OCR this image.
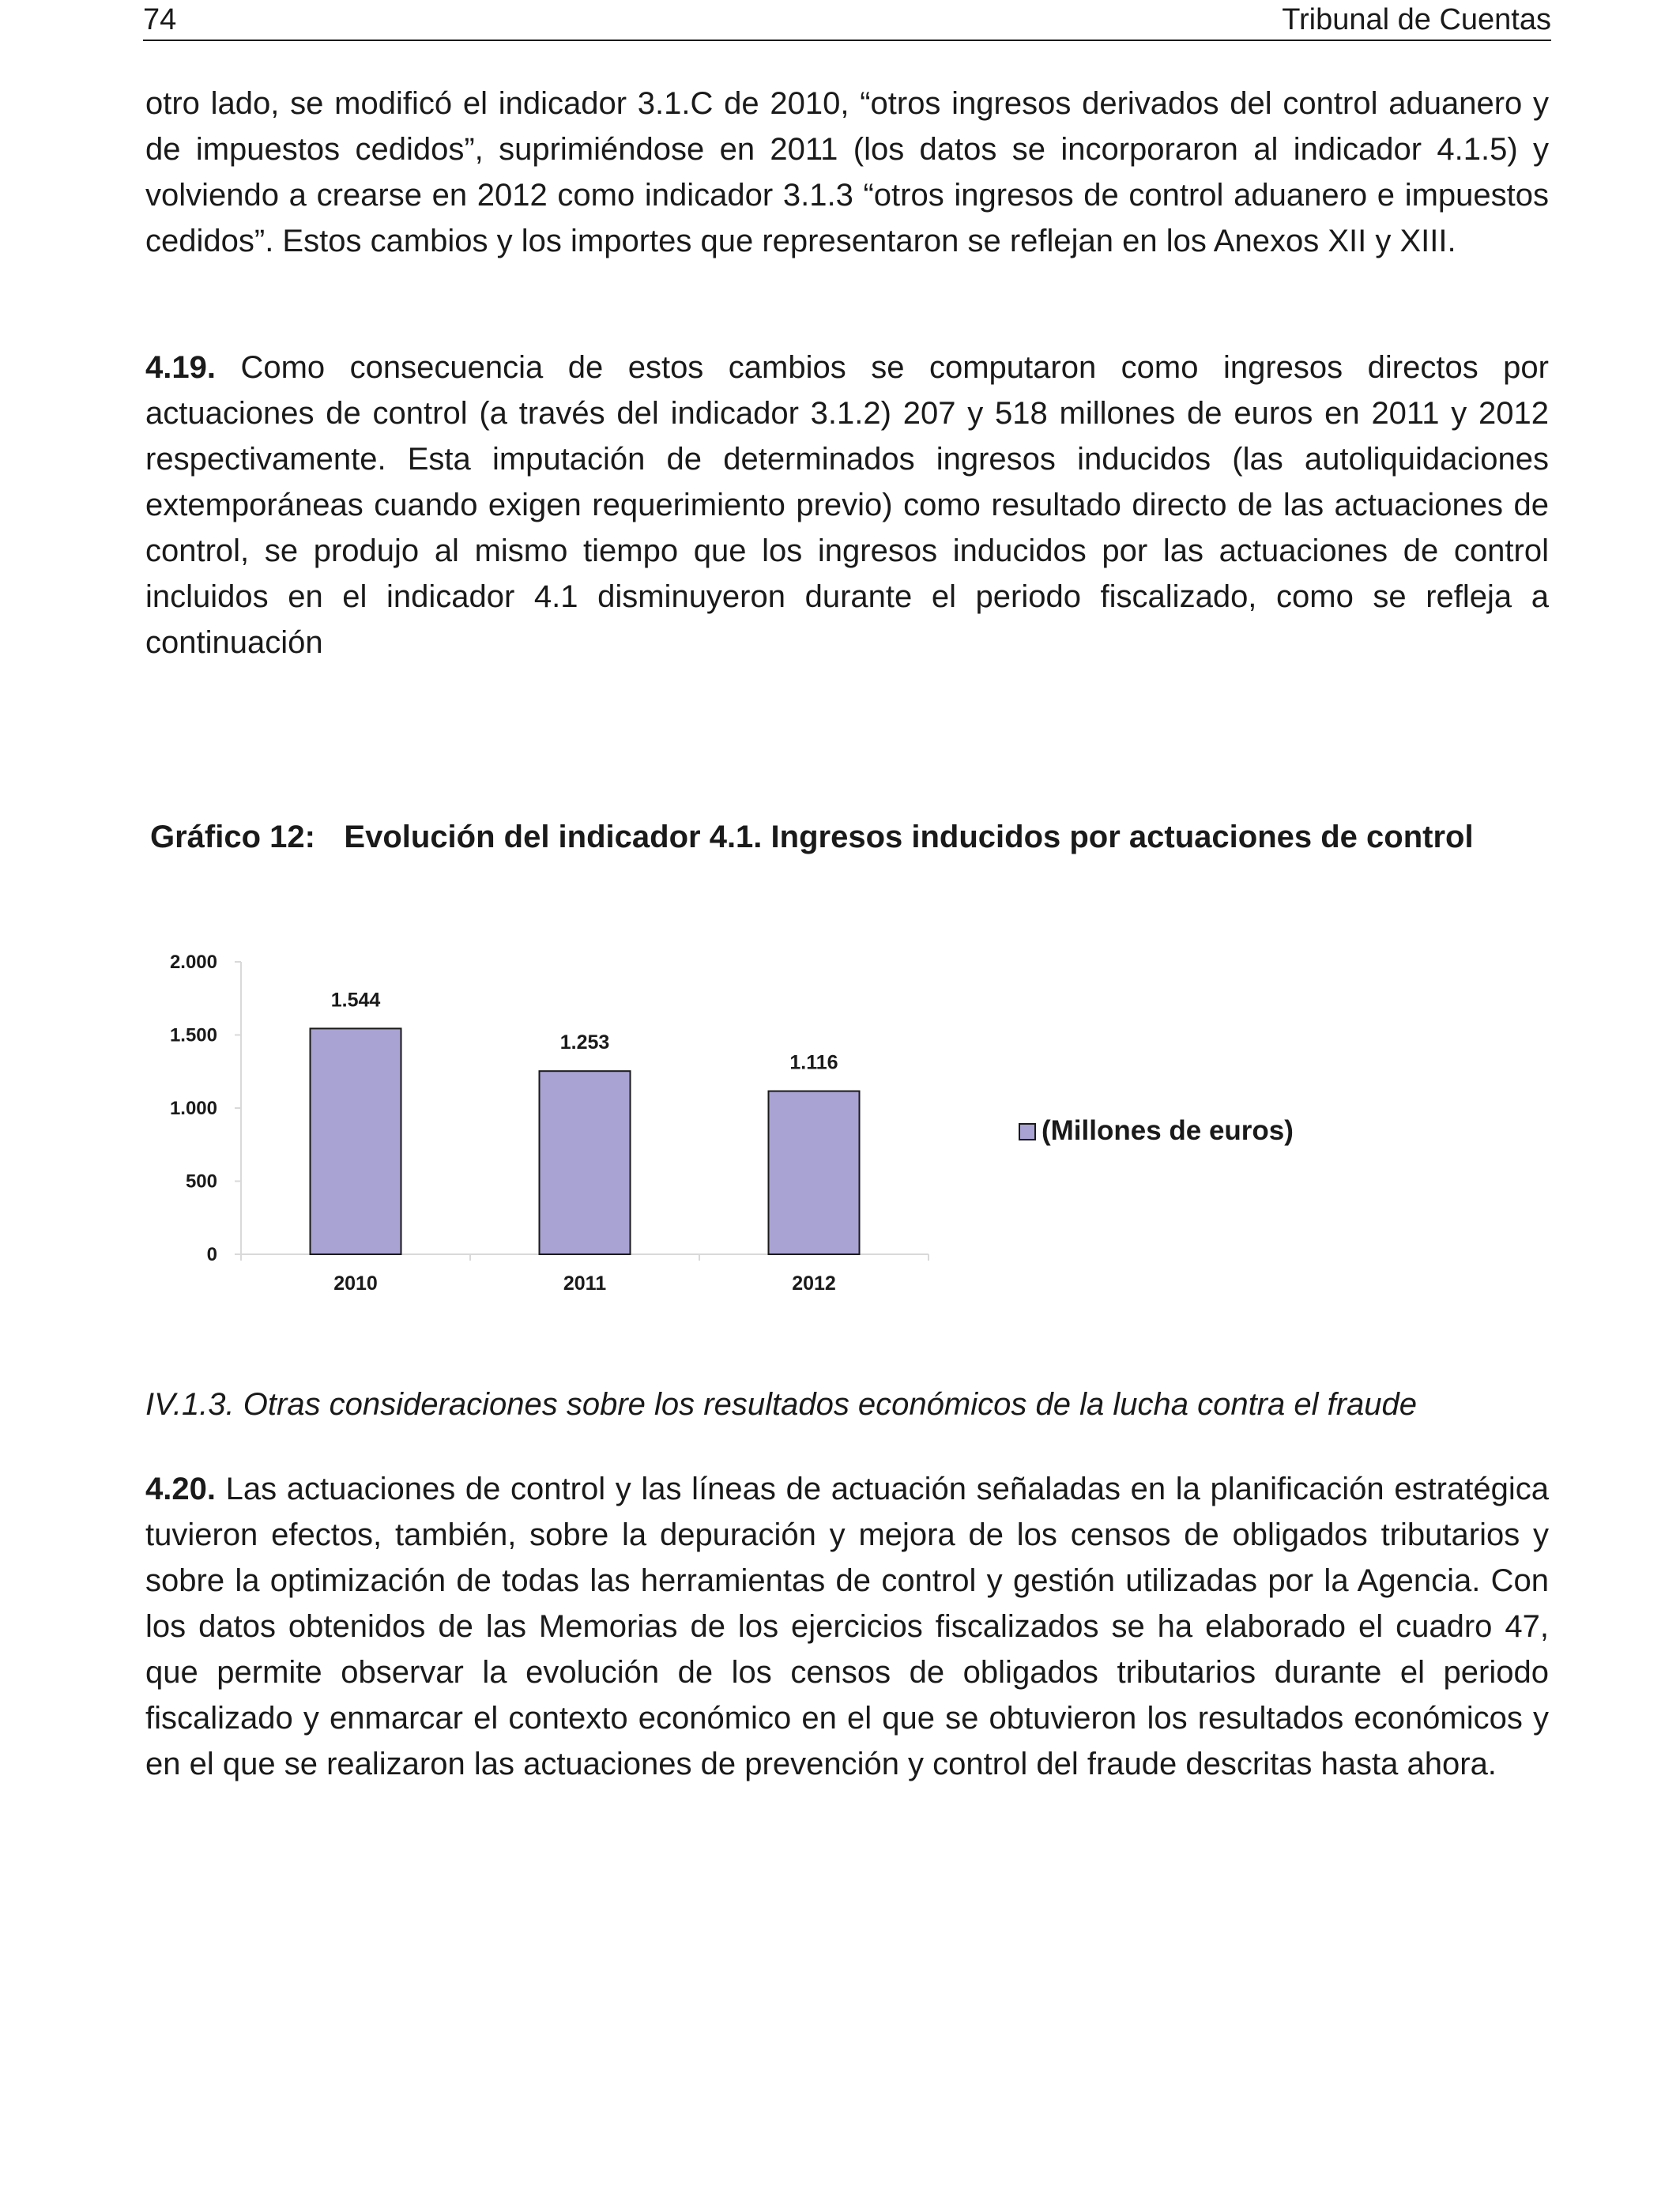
74	Tribunal de Cuentas

otro lado, se modificó el indicador 3.1.C de 2010, “otros ingresos derivados del control aduanero y de impuestos cedidos”, suprimiéndose en 2011 (los datos se incorporaron al indicador 4.1.5) y volviendo a crearse en 2012 como indicador 3.1.3 “otros ingresos de control aduanero e impuestos cedidos”. Estos cambios y los importes que representaron se reflejan en los Anexos XII y XIII.

4.19. Como consecuencia de estos cambios se computaron como ingresos directos por actuaciones de control (a través del indicador 3.1.2) 207 y 518 millones de euros en 2011 y 2012 respectivamente. Esta imputación de determinados ingresos inducidos (las autoliquidaciones extemporáneas cuando exigen requerimiento previo) como resultado directo de las actuaciones de control, se produjo al mismo tiempo que los ingresos inducidos por las actuaciones de control incluidos en el indicador 4.1 disminuyeron durante el periodo fiscalizado, como se refleja a continuación

Gráfico 12: Evolución del indicador 4.1. Ingresos inducidos por actuaciones de control
0
500
1.000
1.500
2.000
1.544
2010
1.253
2011
1.116
2012
(Millones de euros)

IV.1.3. Otras consideraciones sobre los resultados económicos de la lucha contra el fraude

4.20. Las actuaciones de control y las líneas de actuación señaladas en la planificación estratégica tuvieron efectos, también, sobre la depuración y mejora de los censos de obligados tributarios y sobre la optimización de todas las herramientas de control y gestión utilizadas por la Agencia. Con los datos obtenidos de las Memorias de los ejercicios fiscalizados se ha elaborado el cuadro 47, que permite observar la evolución de los censos de obligados tributarios durante el periodo fiscalizado y enmarcar el contexto económico en el que se obtuvieron los resultados económicos y en el que se realizaron las actuaciones de prevención y control del fraude descritas hasta ahora.
